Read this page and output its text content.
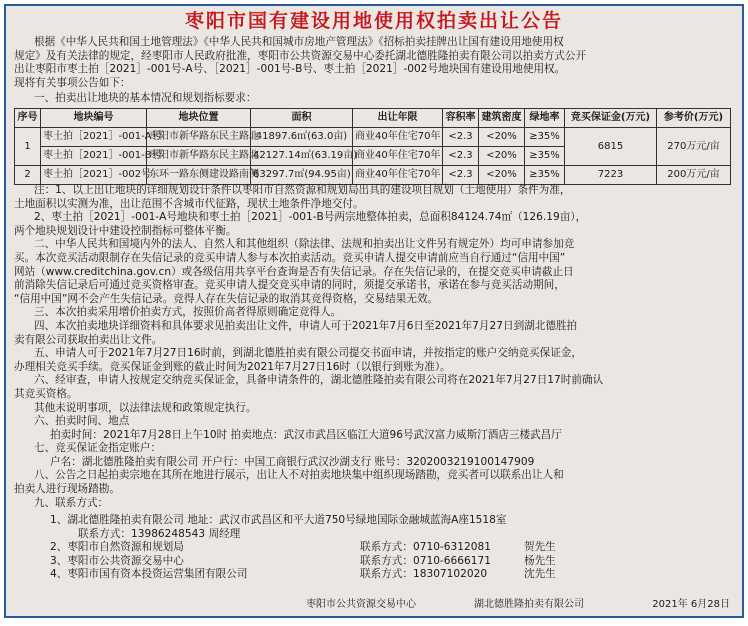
枣阳市国有建设用地使用权拍卖出让公告
根据《中华人民共和国土地管理法》《中华人民共和国城市房地产管理法》《招标拍卖挂牌出让国有建设用地使用权
规定》及有关法律的规定，经枣阳市人民政府批准，枣阳市公共资源交易中心委托湖北德胜隆拍卖有限公司以拍卖方式公开
出让枣阳市枣土拍［2021］-001号-A号、［2021］-001号-B号、枣土拍［2021］-002号地块国有建设用地使用权。
现将有关事项公告如下：
一、拍卖出让地块的基本情况和规划指标要求：
序号	地块编号	地块位置	面积	出让年限	容积率	建筑密度	绿地率	竞买保证金(万元)	参考价(万元)
1	枣土拍［2021］-001-A号	枣阳市新华路东民主路北	41897.6㎡(63.0亩)	商业40年住宅70年	<2.3	<20%	≥35%	6815	270万元/亩
	枣土拍［2021］-001-B号	枣阳市新华路东民主路北	42127.14㎡(63.19亩)	商业40年住宅70年	<2.3	<20%	≥35%		
2	枣土拍［2021］-002号	东环一路东侧建设路南侧	63297.7㎡(94.95亩)	商业40年住宅70年	<2.3	<20%	≥35%	7223	200万元/亩
注：1、以上出让地块的详细规划设计条件以枣阳市自然资源和规划局出具的建设项目规划（土地使用）条件为准，
土地面积以实测为准，出让范围不含城市代征路，现状土地条件净地交付。
2、枣土拍［2021］-001-A号地块和枣土拍［2021］-001-B号两宗地整体拍卖，总面积84124.74㎡（126.19亩），
两个地块规划设计中建设控制指标可整体平衡。
二、中华人民共和国境内外的法人、自然人和其他组织（除法律、法规和拍卖出让文件另有规定外）均可申请参加竞
买。本次竞买活动限制存在失信记录的竞买申请人参与本次拍卖活动。竞买申请人提交申请前应当自行通过“信用中国”
网站（www.creditchina.gov.cn）或各级信用共享平台查询是否有失信记录。存在失信记录的，在提交竞买申请截止日
前消除失信记录后可通过竞买资格审查。竞买申请人提交竞买申请的同时，须提交承诺书，承诺在参与竞买活动期间，
“信用中国”网不会产生失信记录。竞得人存在失信记录的取消其竞得资格，交易结果无效。
三、本次拍卖采用增价拍卖方式，按照价高者得原则确定竞得人。
四、本次拍卖地块详细资料和具体要求见拍卖出让文件，申请人可于2021年7月6日至2021年7月27日到湖北德胜拍
卖有限公司获取拍卖出让文件。
五、申请人可于2021年7月27日16时前，到湖北德胜拍卖有限公司提交书面申请，并按指定的账户交纳竞买保证金，
办理相关竞买手续。竞买保证金到账的截止时间为2021年7月27日16时（以银行到账为准）。
六、经审查，申请人按规定交纳竞买保证金，具备申请条件的，湖北德胜隆拍卖有限公司将在2021年7月27日17时前确认
其竞买资格。
其他未说明事项，以法律法规和政策规定执行。
六、拍卖时间、地点
拍卖时间：2021年7月28日上午10时 拍卖地点：武汉市武昌区临江大道96号武汉富力威斯汀酒店三楼武昌厅
七、竞买保证金指定账户：
户名：湖北德胜隆拍卖有限公司 开户行：中国工商银行武汉沙湖支行 账号：3202003219100147909
八、公告之日起拍卖宗地在其所在地进行展示，出让人不对拍卖地块集中组织现场踏勘，竞买者可以联系出让人和
拍卖人进行现场踏勘。
九、联系方式：
1、湖北德胜隆拍卖有限公司 地址：武汉市武昌区和平大道750号绿地国际金融城蓝海A座1518室
联系方式：13986248543 周经理
2、枣阳市自然资源和规划局	联系方式：0710-6312081	贺先生
3、枣阳市公共资源交易中心	联系方式：0710-6666171	杨先生
4、枣阳市国有资本投资运营集团有限公司	联系方式：18307102020	沈先生
枣阳市公共资源交易中心	湖北德胜隆拍卖有限公司	2021年 6月28日
